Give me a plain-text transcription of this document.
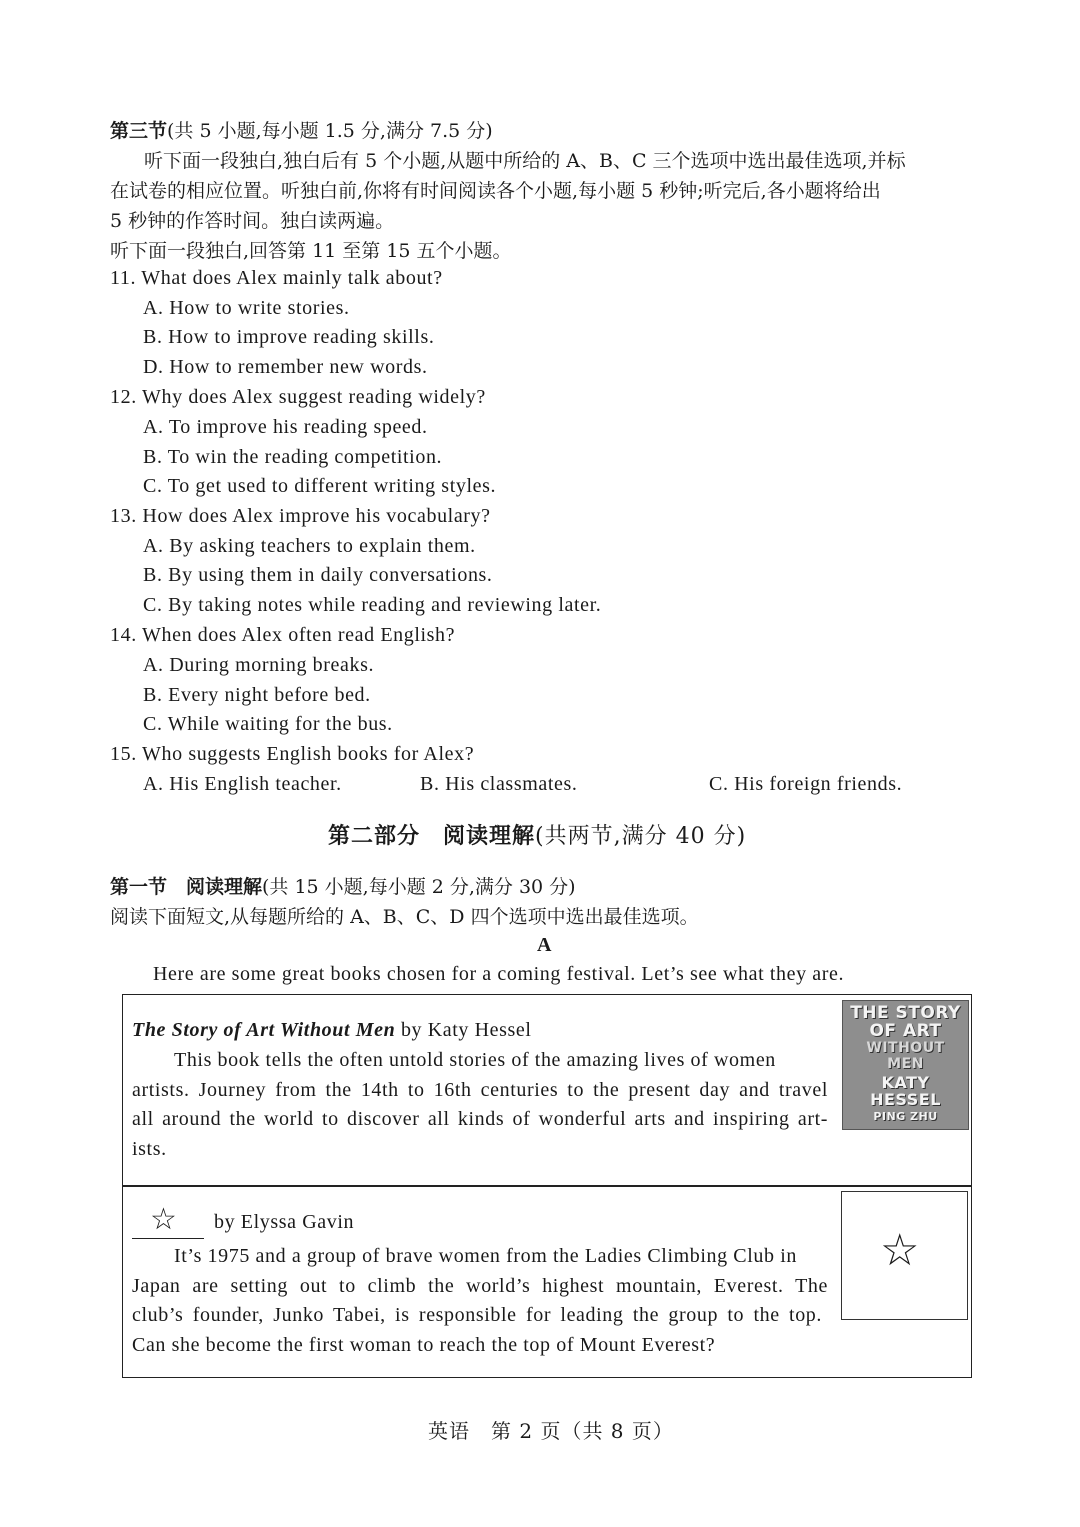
第三节(共 5 小题,每小题 1.5 分,满分 7.5 分)
听下面一段独白,独白后有 5 个小题,从题中所给的 A、B、C 三个选项中选出最佳选项,并标
在试卷的相应位置。听独白前,你将有时间阅读各个小题,每小题 5 秒钟;听完后,各小题将给出
5 秒钟的作答时间。独白读两遍。
听下面一段独白,回答第 11 至第 15 五个小题。
11. What does Alex mainly talk about?
A. How to write stories.
B. How to improve reading skills.
D. How to remember new words.
12. Why does Alex suggest reading widely?
A. To improve his reading speed.
B. To win the reading competition.
C. To get used to different writing styles.
13. How does Alex improve his vocabulary?
A. By asking teachers to explain them.
B. By using them in daily conversations.
C. By taking notes while reading and reviewing later.
14. When does Alex often read English?
A. During morning breaks.
B. Every night before bed.
C. While waiting for the bus.
15. Who suggests English books for Alex?
A. His English teacher.	B. His classmates.	C. His foreign friends.
第二部分　阅读理解(共两节,满分 40 分)
第一节　阅读理解(共 15 小题,每小题 2 分,满分 30 分)
阅读下面短文,从每题所给的 A、B、C、D 四个选项中选出最佳选项。
A
Here are some great books chosen for a coming festival. Let’s see what they are.
The Story of Art Without Men by Katy Hessel
This book tells the often untold stories of the amazing lives of women
artists. Journey from the 14th to 16th centuries to the present day and travel
all around the world to discover all kinds of wonderful arts and inspiring art-
ists.
THE STORY
OF ART
WITHOUT
MEN
KATY
HESSEL
PING ZHU
☆ by Elyssa Gavin
It’s 1975 and a group of brave women from the Ladies Climbing Club in
Japan are setting out to climb the world’s highest mountain, Everest. The
club’s founder, Junko Tabei, is responsible for leading the group to the top.
Can she become the first woman to reach the top of Mount Everest?
☆
英语　第 2 页（共 8 页）
